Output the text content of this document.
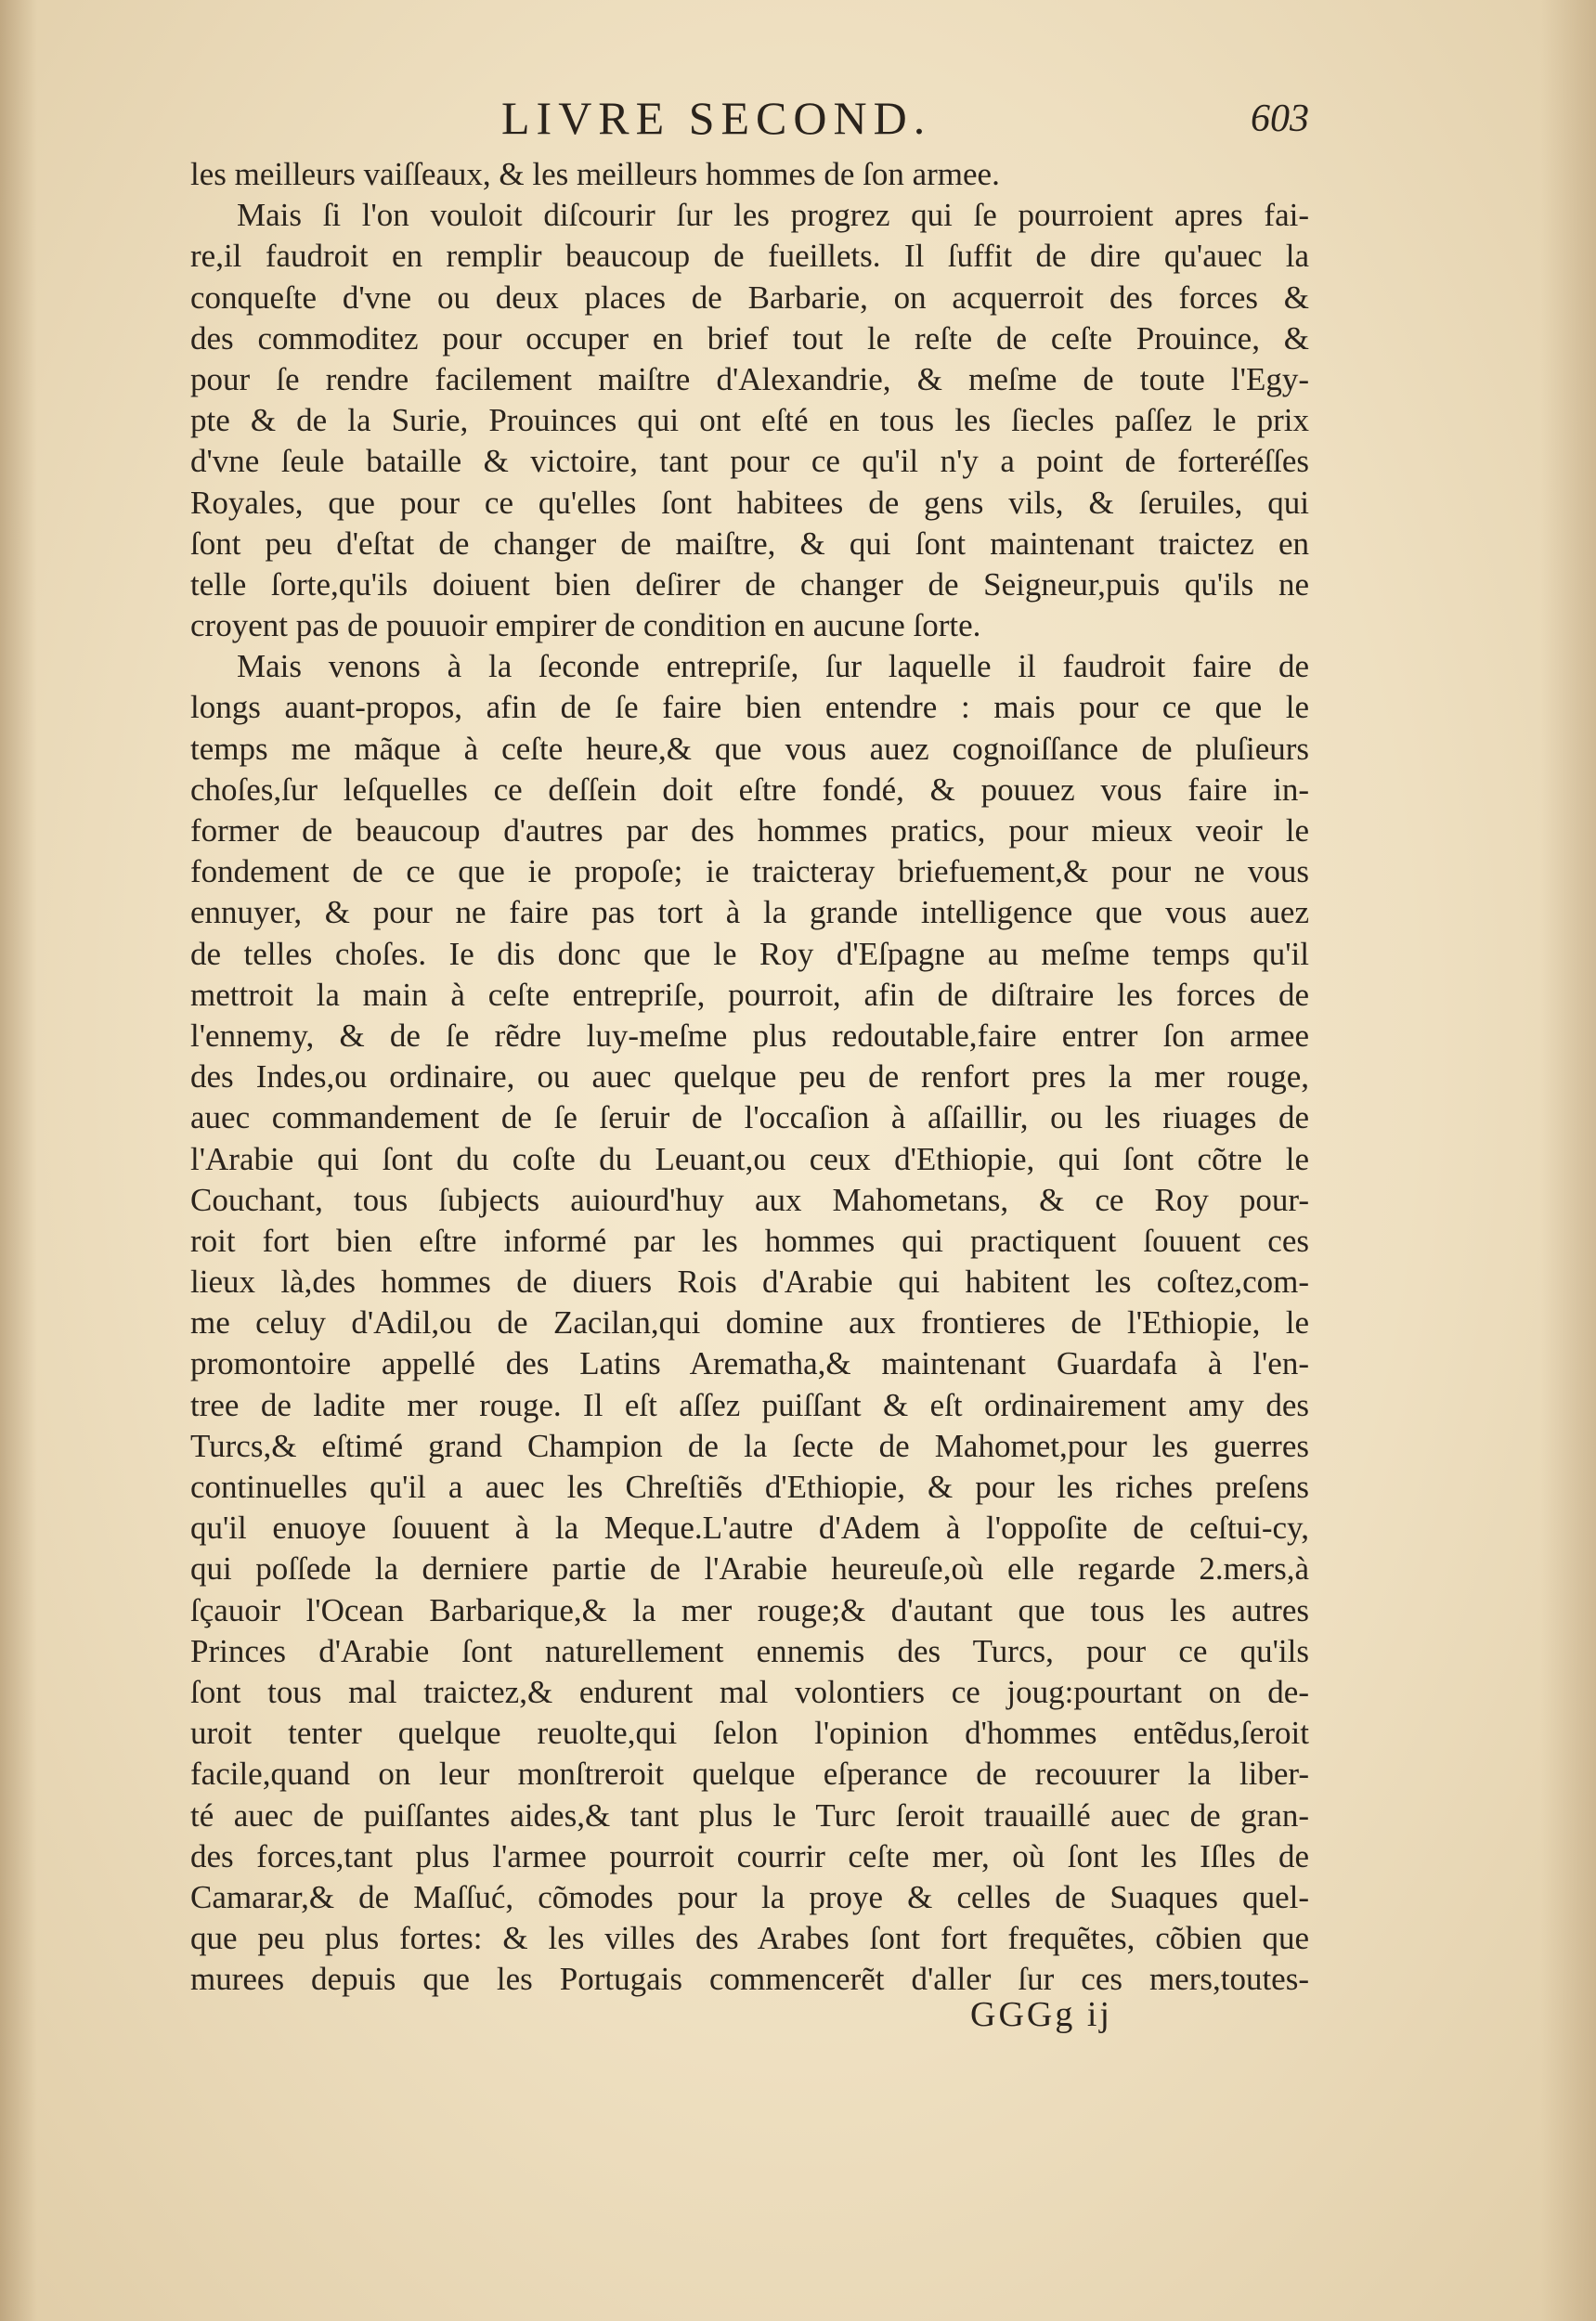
LIVRE SECOND.	603
les meilleurs vaiſſeaux, & les meilleurs hommes de ſon armee.
Mais ſi l'on vouloit diſcourir ſur les progrez qui ſe pourroient apres fai-
re,il faudroit en remplir beaucoup de fueillets. Il ſuffit de dire qu'auec la
conqueſte d'vne ou deux places de Barbarie, on acquerroit des forces &
des commoditez pour occuper en brief tout le reſte de ceſte Prouince, &
pour ſe rendre facilement maiſtre d'Alexandrie, & meſme de toute l'Egy-
pte & de la Surie, Prouinces qui ont eſté en tous les ſiecles paſſez le prix
d'vne ſeule bataille & victoire, tant pour ce qu'il n'y a point de forteréſſes
Royales, que pour ce qu'elles ſont habitees de gens vils, & ſeruiles, qui
ſont peu d'eſtat de changer de maiſtre, & qui ſont maintenant traictez en
telle ſorte,qu'ils doiuent bien deſirer de changer de Seigneur,puis qu'ils ne
croyent pas de pouuoir empirer de condition en aucune ſorte.
Mais venons à la ſeconde entrepriſe, ſur laquelle il faudroit faire de
longs auant-propos, afin de ſe faire bien entendre : mais pour ce que le
temps me mãque à ceſte heure,& que vous auez cognoiſſance de pluſieurs
choſes,ſur leſquelles ce deſſein doit eſtre fondé, & pouuez vous faire in-
former de beaucoup d'autres par des hommes pratics, pour mieux veoir le
fondement de ce que ie propoſe; ie traicteray briefuement,& pour ne vous
ennuyer, & pour ne faire pas tort à la grande intelligence que vous auez
de telles choſes. Ie dis donc que le Roy d'Eſpagne au meſme temps qu'il
mettroit la main à ceſte entrepriſe, pourroit, afin de diſtraire les forces de
l'ennemy, & de ſe rẽdre luy-meſme plus redoutable,faire entrer ſon armee
des Indes,ou ordinaire, ou auec quelque peu de renfort pres la mer rouge,
auec commandement de ſe ſeruir de l'occaſion à aſſaillir, ou les riuages de
l'Arabie qui ſont du coſte du Leuant,ou ceux d'Ethiopie, qui ſont cõtre le
Couchant, tous ſubjects auiourd'huy aux Mahometans, & ce Roy pour-
roit fort bien eſtre informé par les hommes qui practiquent ſouuent ces
lieux là,des hommes de diuers Rois d'Arabie qui habitent les coſtez,com-
me celuy d'Adil,ou de Zacilan,qui domine aux frontieres de l'Ethiopie, le
promontoire appellé des Latins Arematha,& maintenant Guardafa à l'en-
tree de ladite mer rouge. Il eſt aſſez puiſſant & eſt ordinairement amy des
Turcs,& eſtimé grand Champion de la ſecte de Mahomet,pour les guerres
continuelles qu'il a auec les Chreſtiẽs d'Ethiopie, & pour les riches preſens
qu'il enuoye ſouuent à la Meque.L'autre d'Adem à l'oppoſite de ceſtui-cy,
qui poſſede la derniere partie de l'Arabie heureuſe,où elle regarde 2.mers,à
ſçauoir l'Ocean Barbarique,& la mer rouge;& d'autant que tous les autres
Princes d'Arabie ſont naturellement ennemis des Turcs, pour ce qu'ils
ſont tous mal traictez,& endurent mal volontiers ce joug:pourtant on de-
uroit tenter quelque reuolte,qui ſelon l'opinion d'hommes entẽdus,ſeroit
facile,quand on leur monſtreroit quelque eſperance de recouurer la liber-
té auec de puiſſantes aides,& tant plus le Turc ſeroit trauaillé auec de gran-
des forces,tant plus l'armee pourroit courrir ceſte mer, où ſont les Iſles de
Camarar,& de Maſſuć, cõmodes pour la proye & celles de Suaques quel-
que peu plus fortes: & les villes des Arabes ſont fort frequẽtes, cõbien que
murees depuis que les Portugais commencerẽt d'aller ſur ces mers,toutes-
GGGg ij
